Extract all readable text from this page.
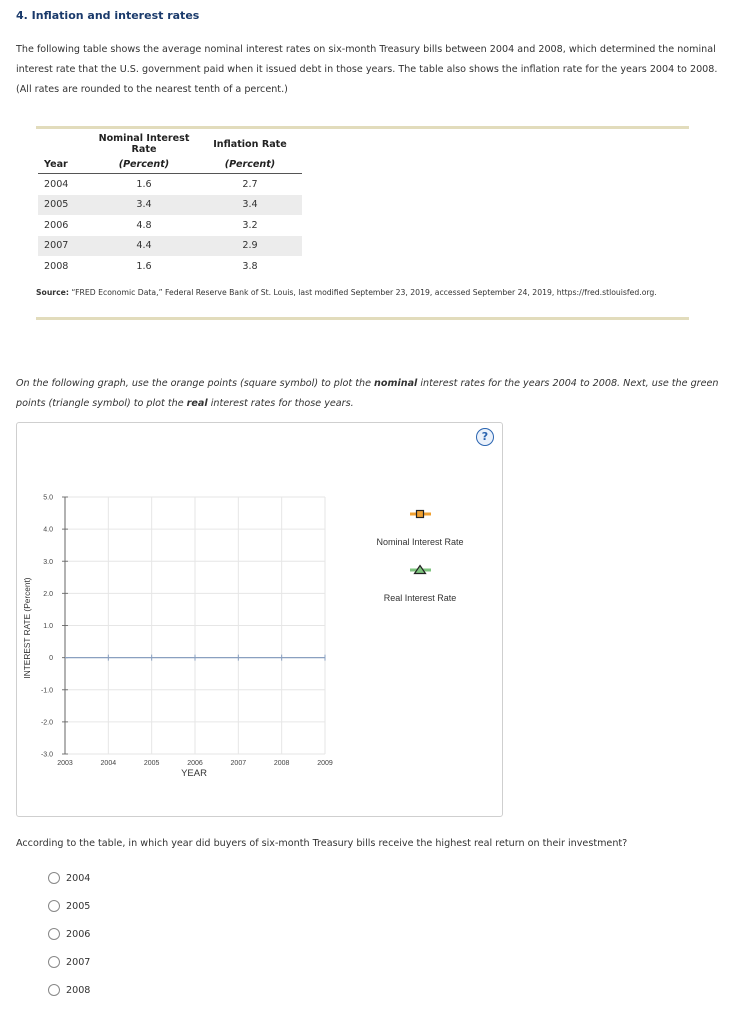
4. Inflation and interest rates
The following table shows the average nominal interest rates on six-month Treasury bills between 2004 and 2008, which determined the nominal interest rate that the U.S. government paid when it issued debt in those years. The table also shows the inflation rate for the years 2004 to 2008. (All rates are rounded to the nearest tenth of a percent.)
	Nominal Interest Rate	Inflation Rate
Year	(Percent)	(Percent)
2004	1.6	2.7
2005	3.4	3.4
2006	4.8	3.2
2007	4.4	2.9
2008	1.6	3.8
Source: “FRED Economic Data,” Federal Reserve Bank of St. Louis, last modified September 23, 2019, accessed September 24, 2019, https://fred.stlouisfed.org.
On the following graph, use the orange points (square symbol) to plot the nominal interest rates for the years 2004 to 2008. Next, use the green points (triangle symbol) to plot the real interest rates for those years.
?
5.0
4.0
3.0
2.0
1.0
0
-1.0
-2.0
-3.0
2003	2004	2005	2006	2007	2008	2009
INTEREST RATE (Percent)
YEAR
Nominal Interest Rate
Real Interest Rate
According to the table, in which year did buyers of six-month Treasury bills receive the highest real return on their investment?
2004
2005
2006
2007
2008
